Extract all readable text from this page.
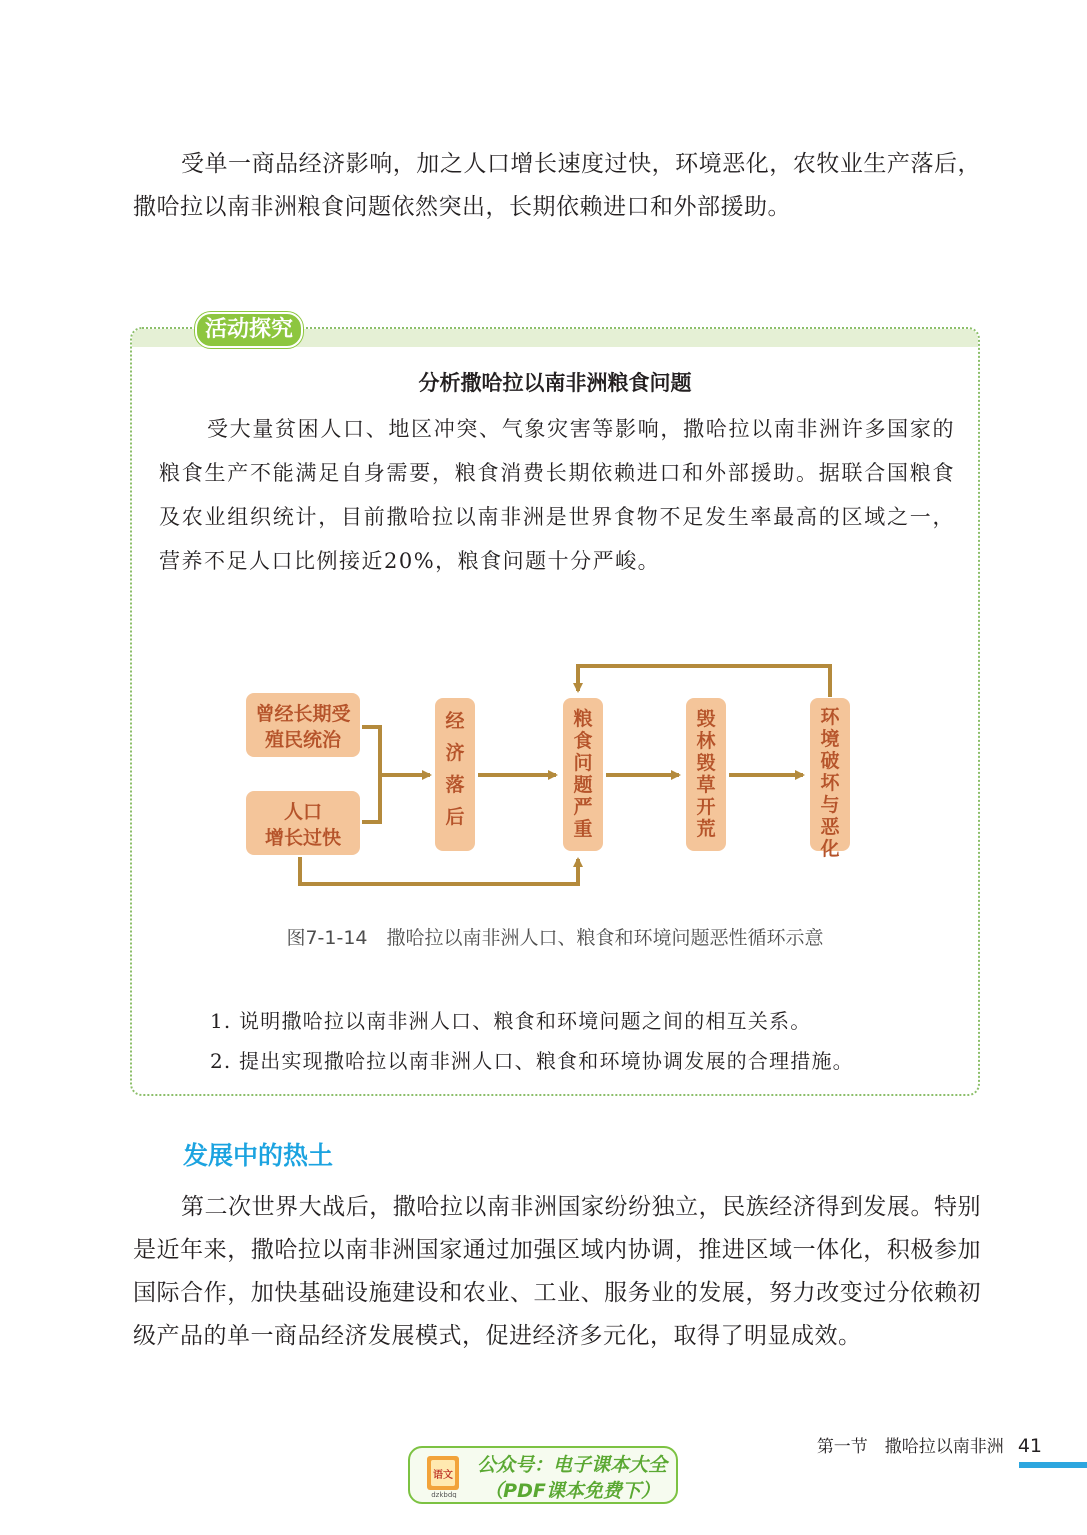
受单一商品经济影响，加之人口增长速度过快，环境恶化，农牧业生产落后，撒哈拉以南非洲粮食问题依然突出，长期依赖进口和外部援助。

活动探究
分析撒哈拉以南非洲粮食问题

受大量贫困人口、地区冲突、气象灾害等影响，撒哈拉以南非洲许多国家的粮食生产不能满足自身需要，粮食消费长期依赖进口和外部援助。据联合国粮食及农业组织统计，目前撒哈拉以南非洲是世界食物不足发生率最高的区域之一，营养不足人口比例接近20%，粮食问题十分严峻。

曾经长期受
殖民统治
人口
增长过快
经济落后
粮食问题严重
毁林毁草开荒
环境破坏与恶化
图7-1-14　撒哈拉以南非洲人口、粮食和环境问题恶性循环示意
1. 说明撒哈拉以南非洲人口、粮食和环境问题之间的相互关系。
2. 提出实现撒哈拉以南非洲人口、粮食和环境协调发展的合理措施。
发展中的热土

第二次世界大战后，撒哈拉以南非洲国家纷纷独立，民族经济得到发展。特别是近年来，撒哈拉以南非洲国家通过加强区域内协调，推进区域一体化，积极参加国际合作，加快基础设施建设和农业、工业、服务业的发展，努力改变过分依赖初级产品的单一商品经济发展模式，促进经济多元化，取得了明显成效。

第一节　撒哈拉以南非洲 41
语文
dzkbdq
公众号：电子课本大全
（PDF课本免费下）
